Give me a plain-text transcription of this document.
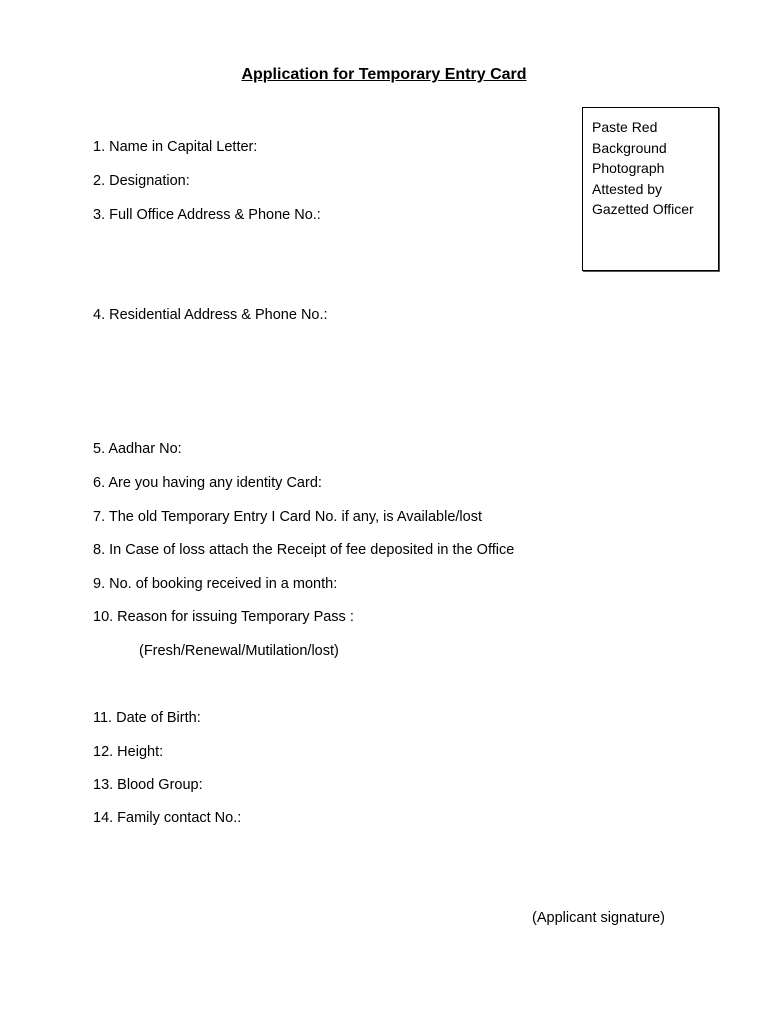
Application for Temporary Entry Card
Paste Red
Background
Photograph
Attested by
Gazetted Officer
1. Name in Capital Letter:
2. Designation:
3. Full Office Address & Phone No.:
4. Residential Address & Phone No.:
5. Aadhar No:
6. Are you having any identity Card:
7. The old Temporary Entry I Card No. if any, is Available/lost
8. In Case of loss attach the Receipt of fee deposited in the Office
9. No. of booking received in a month:
10. Reason for issuing Temporary Pass :
(Fresh/Renewal/Mutilation/lost)
11. Date of Birth:
12. Height:
13. Blood Group:
14. Family contact No.:
(Applicant signature)
